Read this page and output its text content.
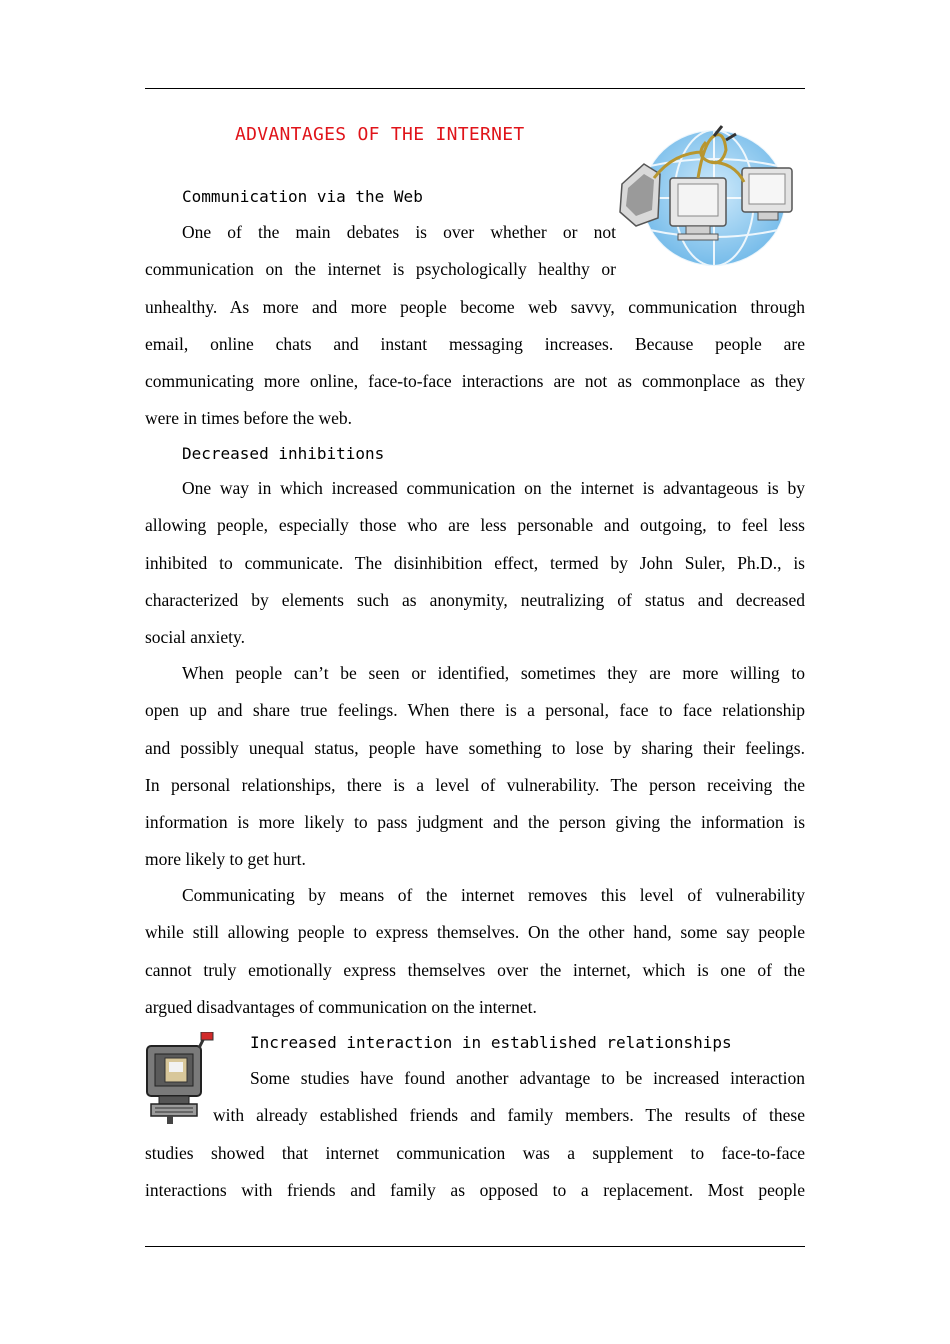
ADVANTAGES OF THE INTERNET
Communication via the Web
One of the main debates is over whether or not
communication on the internet is psychologically healthy or
unhealthy. As more and more people become web savvy, communication through
email, online chats and instant messaging increases. Because people are
communicating more online, face-to-face interactions are not as commonplace as they
were in times before the web.
Decreased inhibitions
One way in which increased communication on the internet is advantageous is by
allowing people, especially those who are less personable and outgoing, to feel less
inhibited to communicate. The disinhibition effect, termed by John Suler, Ph.D., is
characterized by elements such as anonymity, neutralizing of status and decreased
social anxiety.
When people can’t be seen or identified, sometimes they are more willing to
open up and share true feelings. When there is a personal, face to face relationship
and possibly unequal status, people have something to lose by sharing their feelings.
In personal relationships, there is a level of vulnerability. The person receiving the
information is more likely to pass judgment and the person giving the information is
more likely to get hurt.
Communicating by means of the internet removes this level of vulnerability
while still allowing people to express themselves. On the other hand, some say people
cannot truly emotionally express themselves over the internet, which is one of the
argued disadvantages of communication on the internet.
Increased interaction in established relationships
Some studies have found another advantage to be increased interaction
with already established friends and family members. The results of these
studies showed that internet communication was a supplement to face-to-face
interactions with friends and family as opposed to a replacement. Most people
